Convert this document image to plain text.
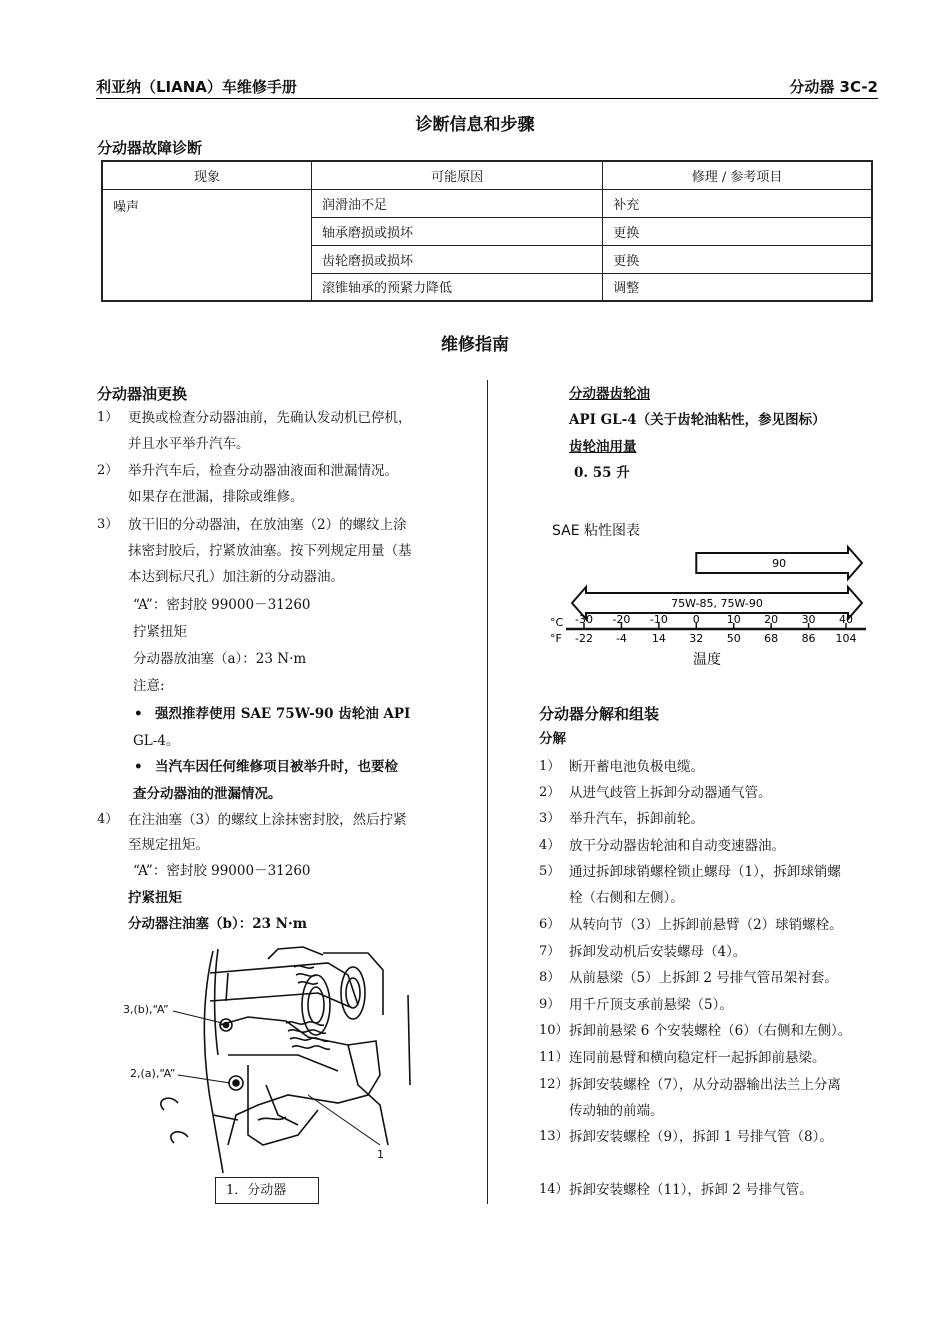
利亚纳（LIANA）车维修手册	分动器 3C-2
诊断信息和步骤
分动器故障诊断
现象	可能原因	修理 / 参考项目
噪声	润滑油不足	补充
	轴承磨损或损坏	更换
	齿轮磨损或损坏	更换
	滚锥轴承的预紧力降低	调整
维修指南
分动器油更换
1） 更换或检查分动器油前，先确认发动机已停机，
并且水平举升汽车。
2） 举升汽车后，检查分动器油液面和泄漏情况。
如果存在泄漏，排除或维修。
3） 放干旧的分动器油，在放油塞（2）的螺纹上涂
抹密封胶后，拧紧放油塞。按下列规定用量（基
本达到标尺孔）加注新的分动器油。
“A”：密封胶 99000－31260
拧紧扭矩
分动器放油塞（a）：23 N·m
注意:
• 强烈推荐使用 SAE 75W-90 齿轮油 API
GL-4。
• 当汽车因任何维修项目被举升时，也要检
查分动器油的泄漏情况。
4） 在注油塞（3）的螺纹上涂抹密封胶，然后拧紧
至规定扭矩。
“A”：密封胶 99000－31260
拧紧扭矩
分动器注油塞（b）：23 N·m
3,(b),“A”
2,(a),“A”
1
1．分动器
分动器齿轮油
API GL-4（关于齿轮油粘性，参见图标）
齿轮油用量
0. 55 升
SAE 粘性图表
90
75W-85, 75W-90
-30
-22
-20
-4
-10
14
0
32
10
50
20
68
30
86
40
104
°C
°F
温度
分动器分解和组装
分解
1） 断开蓄电池负极电缆。
2） 从进气歧管上拆卸分动器通气管。
3） 举升汽车，拆卸前轮。
4） 放干分动器齿轮油和自动变速器油。
5） 通过拆卸球销螺栓锁止螺母（1），拆卸球销螺
栓（右侧和左侧）。
6） 从转向节（3）上拆卸前悬臂（2）球销螺栓。
7） 拆卸发动机后安装螺母（4）。
8） 从前悬梁（5）上拆卸 2 号排气管吊架衬套。
9） 用千斤顶支承前悬梁（5）。
10） 拆卸前悬梁 6 个安装螺栓（6）（右侧和左侧）。
11） 连同前悬臂和横向稳定杆一起拆卸前悬梁。
12） 拆卸安装螺栓（7），从分动器输出法兰上分离
传动轴的前端。
13） 拆卸安装螺栓（9），拆卸 1 号排气管（8）。
14） 拆卸安装螺栓（11），拆卸 2 号排气管。
